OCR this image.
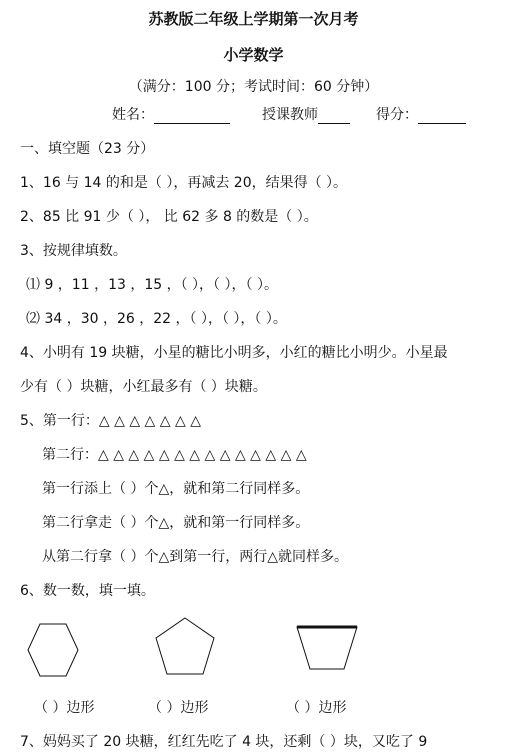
苏教版二年级上学期第一次月考
小学数学
（满分：100 分；考试时间：60 分钟）
姓名：	授课教师	得分：
一、填空题（23 分）
1、16 与 14 的和是（ ），再减去 20，结果得（ ）。
2、85 比 91 少（ ）， 比 62 多 8 的数是（ ）。
3、按规律填数。
⑴ 9 ，11 ，13 ，15 ，（ ），（ ），（ ）。
⑵ 34 ，30 ，26 ，22 ，（ ），（ ），（ ）。
4、小明有 19 块糖，小星的糖比小明多，小红的糖比小明少。小星最
少有（ ）块糖，小红最多有（ ）块糖。
5、第一行：△ △ △ △ △ △ △
第二行：△ △ △ △ △ △ △ △ △ △ △ △ △ △
第一行添上（ ）个△，就和第二行同样多。
第二行拿走（ ）个△，就和第一行同样多。
从第二行拿（ ）个△到第一行，两行△就同样多。
6、数一数，填一填。
（ ）边形	（ ）边形	（ ）边形
7、妈妈买了 20 块糖，红红先吃了 4 块，还剩（ ）块，又吃了 9
